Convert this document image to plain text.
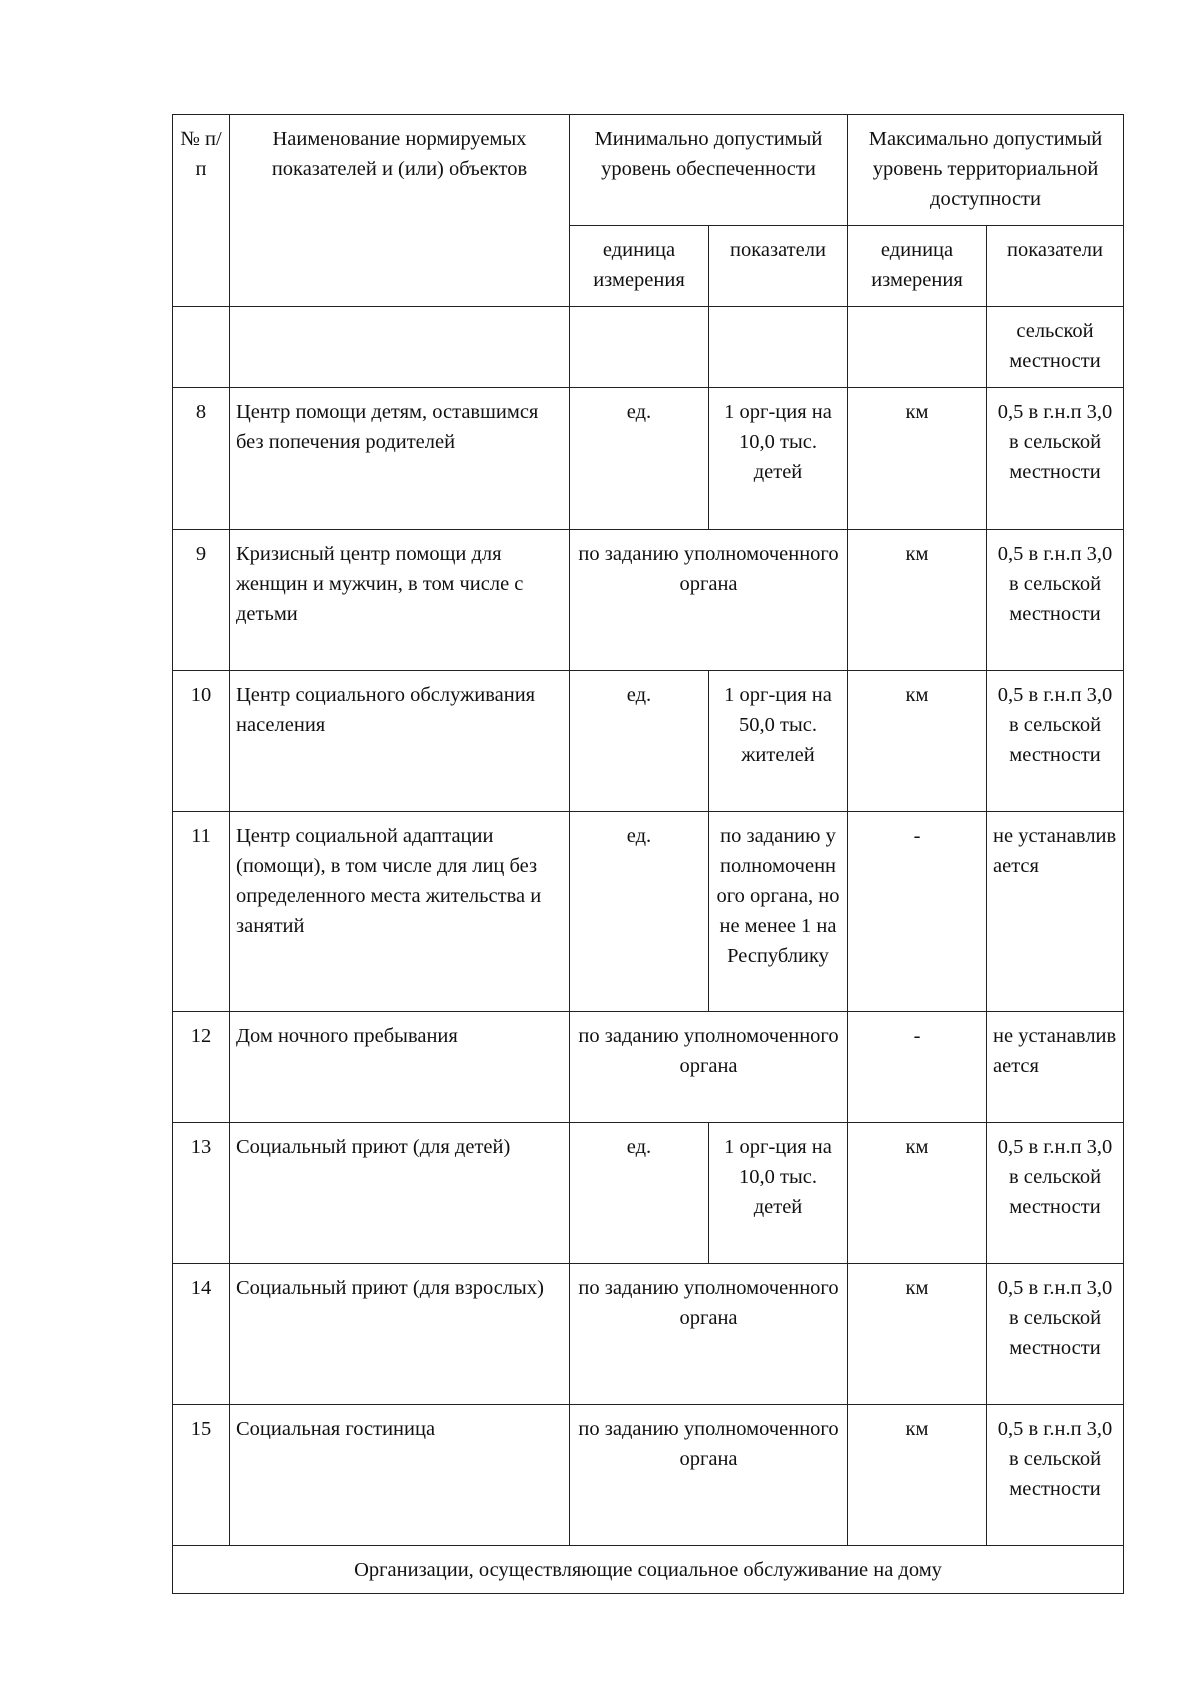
№ п/п	Наименование нормируемых показателей и (или) объектов	Минимально допустимый уровень обеспеченности		Максимально допустимый уровень территориальной доступности	
		единица измерения	показатели	единица измерения	показатели
					сельской местности
8	Центр помощи детям, оставшимся без попечения родителей	ед.	1 орг-ция на 10,0 тыс. детей	км	0,5 в г.н.п 3,0 в сельской местности
9	Кризисный центр помощи для женщин и мужчин, в том числе с детьми	по заданию уполномоченного органа		км	0,5 в г.н.п 3,0 в сельской местности
10	Центр социального обслуживания населения	ед.	1 орг-ция на 50,0 тыс. жителей	км	0,5 в г.н.п 3,0 в сельской местности
11	Центр социальной адаптации (помощи), в том числе для лиц без определенного места жительства и занятий	ед.	по заданию уполномоченного органа, но не менее 1 на Республику	-	не устанавливается
12	Дом ночного пребывания	по заданию уполномоченного органа		-	не устанавливается
13	Социальный приют (для детей)	ед.	1 орг-ция на 10,0 тыс. детей	км	0,5 в г.н.п 3,0 в сельской местности
14	Социальный приют (для взрослых)	по заданию уполномоченного органа		км	0,5 в г.н.п 3,0 в сельской местности
15	Социальная гостиница	по заданию уполномоченного органа		км	0,5 в г.н.п 3,0 в сельской местности
Организации, осуществляющие социальное обслуживание на дому					
